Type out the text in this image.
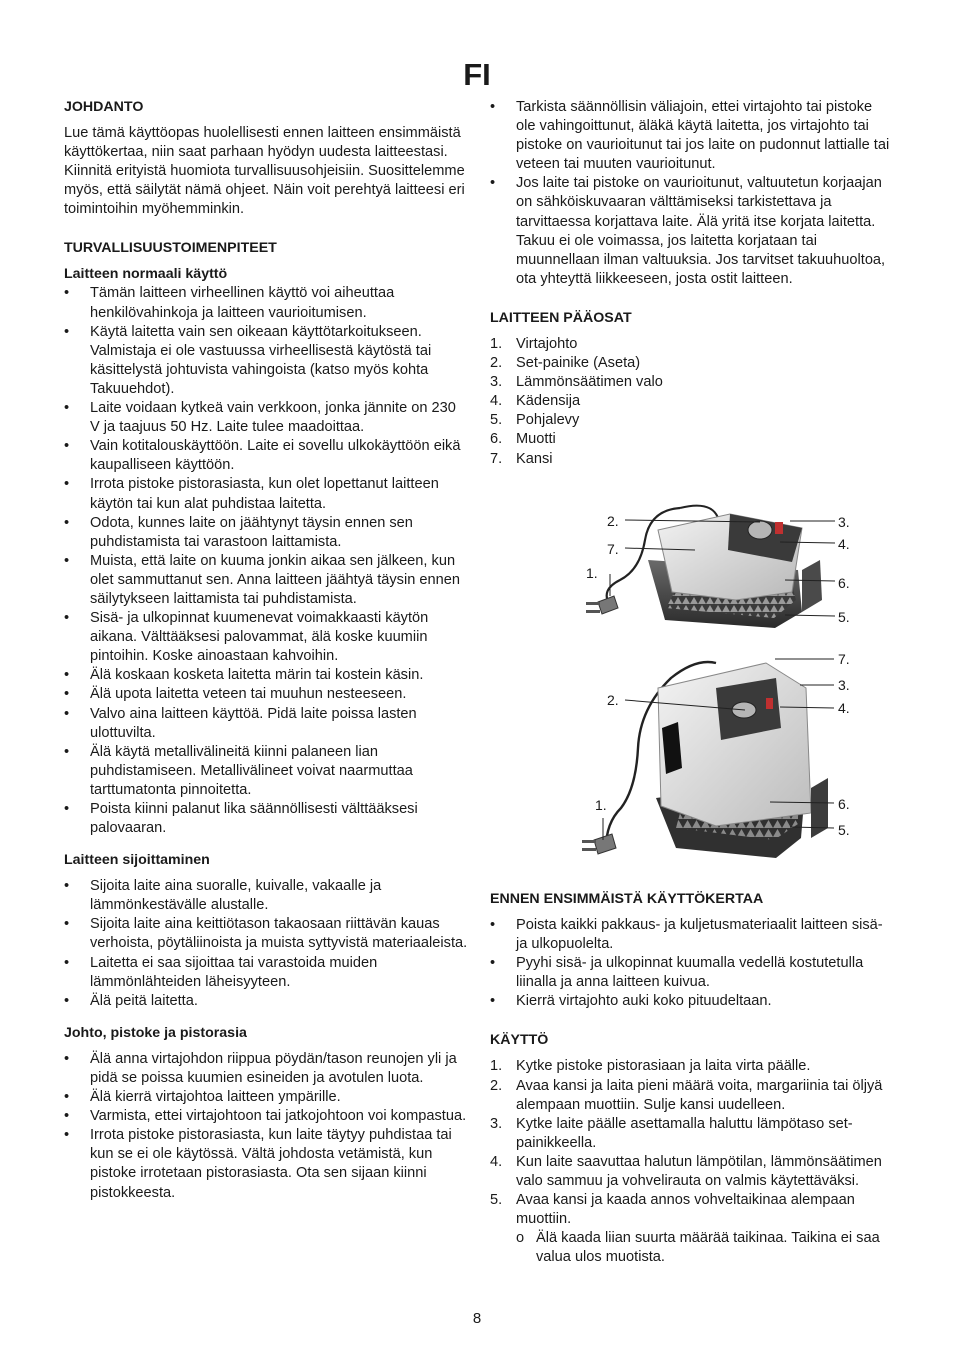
FI
JOHDANTO

Lue tämä käyttöopas huolellisesti ennen laitteen ensimmäistä käyttökertaa, niin saat parhaan hyödyn uudesta laitteestasi. Kiinnitä erityistä huomiota turvallisuusohjeisiin. Suosittelemme myös, että säilytät nämä ohjeet. Näin voit perehtyä laitteesi eri toimintoihin myöhemminkin.

TURVALLISUUSTOIMENPITEET
Laitteen normaali käyttö
• Tämän laitteen virheellinen käyttö voi aiheuttaa henkilövahinkoja ja laitteen vaurioitumisen.
• Käytä laitetta vain sen oikeaan käyttötarkoitukseen. Valmistaja ei ole vastuussa virheellisestä käytöstä tai käsittelystä johtuvista vahingoista (katso myös kohta Takuuehdot).
• Laite voidaan kytkeä vain verkkoon, jonka jännite on 230 V ja taajuus 50 Hz. Laite tulee maadoittaa.
• Vain kotitalouskäyttöön. Laite ei sovellu ulkokäyttöön eikä kaupalliseen käyttöön.
• Irrota pistoke pistorasiasta, kun olet lopettanut laitteen käytön tai kun alat puhdistaa laitetta.
• Odota, kunnes laite on jäähtynyt täysin ennen sen puhdistamista tai varastoon laittamista.
• Muista, että laite on kuuma jonkin aikaa sen jälkeen, kun olet sammuttanut sen. Anna laitteen jäähtyä täysin ennen säilytykseen laittamista tai puhdistamista.
• Sisä- ja ulkopinnat kuumenevat voimakkaasti käytön aikana. Välttääksesi palovammat, älä koske kuumiin pintoihin. Koske ainoastaan kahvoihin.
• Älä koskaan kosketa laitetta märin tai kostein käsin.
• Älä upota laitetta veteen tai muuhun nesteeseen.
• Valvo aina laitteen käyttöä. Pidä laite poissa lasten ulottuvilta.
• Älä käytä metallivälineitä kiinni palaneen lian puhdistamiseen. Metallivälineet voivat naarmuttaa tarttumatonta pinnoitetta.
• Poista kiinni palanut lika säännöllisesti välttääksesi palovaaran.
Laitteen sijoittaminen
• Sijoita laite aina suoralle, kuivalle, vakaalle ja lämmönkestävälle alustalle.
• Sijoita laite aina keittiötason takaosaan riittävän kauas verhoista, pöytäliinoista ja muista syttyvistä materiaaleista.
• Laitetta ei saa sijoittaa tai varastoida muiden lämmönlähteiden läheisyyteen.
• Älä peitä laitetta.
Johto, pistoke ja pistorasia
• Älä anna virtajohdon riippua pöydän/tason reunojen yli ja pidä se poissa kuumien esineiden ja avotulen luota.
• Älä kierrä virtajohtoa laitteen ympärille.
• Varmista, ettei virtajohtoon tai jatkojohtoon voi kompastua.
• Irrota pistoke pistorasiasta, kun laite täytyy puhdistaa tai kun se ei ole käytössä. Vältä johdosta vetämistä, kun pistoke irrotetaan pistorasiasta. Ota sen sijaan kiinni pistokkeesta.
• Tarkista säännöllisin väliajoin, ettei virtajohto tai pistoke ole vahingoittunut, äläkä käytä laitetta, jos virtajohto tai pistoke on vaurioitunut tai jos laite on pudonnut lattialle tai veteen tai muuten vaurioitunut.
• Jos laite tai pistoke on vaurioitunut, valtuutetun korjaajan on sähköiskuvaaran välttämiseksi tarkistettava ja tarvittaessa korjattava laite. Älä yritä itse korjata laitetta. Takuu ei ole voimassa, jos laitetta korjataan tai muunnellaan ilman valtuuksia. Jos tarvitset takuuhuoltoa, ota yhteyttä liikkeeseen, josta ostit laitteen.
LAITTEEN PÄÄOSAT
1. Virtajohto
2. Set-painike (Aseta)
3. Lämmönsäätimen valo
4. Kädensija
5. Pohjalevy
6. Muotti
7. Kansi
2.
7.
1.
3.
4.
6.
5.
7.
3.
2.	4.
1.	6.
5.
ENNEN ENSIMMÄISTÄ KÄYTTÖKERTAA
• Poista kaikki pakkaus- ja kuljetusmateriaalit laitteen sisä- ja ulkopuolelta.
• Pyyhi sisä- ja ulkopinnat kuumalla vedellä kostutetulla liinalla ja anna laitteen kuivua.
• Kierrä virtajohto auki koko pituudeltaan.
KÄYTTÖ
1. Kytke pistoke pistorasiaan ja laita virta päälle.
2. Avaa kansi ja laita pieni määrä voita, margariinia tai öljyä alempaan muottiin. Sulje kansi uudelleen.
3. Kytke laite päälle asettamalla haluttu lämpötaso set-painikkeella.
4. Kun laite saavuttaa halutun lämpötilan, lämmönsäätimen valo sammuu ja vohvelirauta on valmis käytettäväksi.
5. Avaa kansi ja kaada annos vohveltaikinaa alempaan muottiin.
o Älä kaada liian suurta määrää taikinaa. Taikina ei saa valua ulos muotista.
8
